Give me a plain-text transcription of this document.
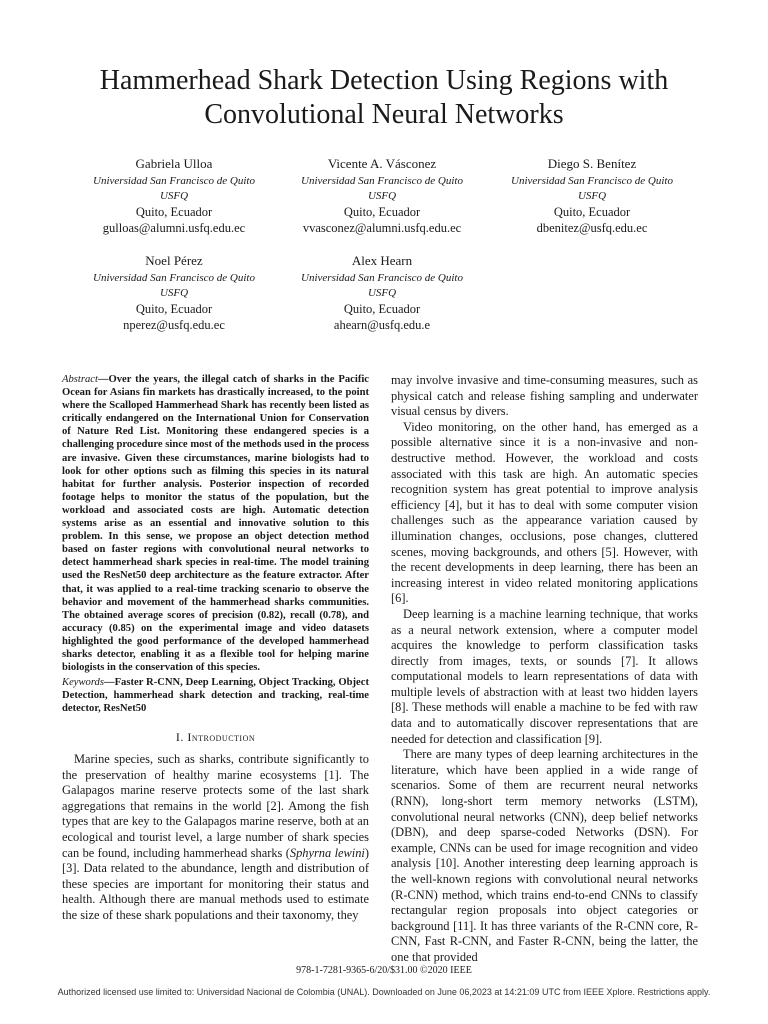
Hammerhead Shark Detection Using Regions with
Convolutional Neural Networks
Gabriela Ulloa
Universidad San Francisco de Quito
USFQ
Quito, Ecuador
gulloas@alumni.usfq.edu.ec
Vicente A. Vásconez
Universidad San Francisco de Quito
USFQ
Quito, Ecuador
vvasconez@alumni.usfq.edu.ec
Diego S. Benítez
Universidad San Francisco de Quito
USFQ
Quito, Ecuador
dbenitez@usfq.edu.ec
Noel Pérez
Universidad San Francisco de Quito
USFQ
Quito, Ecuador
nperez@usfq.edu.ec
Alex Hearn
Universidad San Francisco de Quito
USFQ
Quito, Ecuador
ahearn@usfq.edu.e
Abstract—Over the years, the illegal catch of sharks in the Pacific Ocean for Asians fin markets has drastically increased, to the point where the Scalloped Hammerhead Shark has recently been listed as critically endangered on the International Union for Conservation of Nature Red List. Monitoring these endangered species is a challenging procedure since most of the methods used in the process are invasive. Given these circumstances, marine biologists had to look for other options such as filming this species in its natural habitat for further analysis. Posterior inspection of recorded footage helps to monitor the status of the population, but the workload and associated costs are high. Automatic detection systems arise as an essential and innovative solution to this problem. In this sense, we propose an object detection method based on faster regions with convolutional neural networks to detect hammerhead shark species in real-time. The model training used the ResNet50 deep architecture as the feature extractor. After that, it was applied to a real-time tracking scenario to observe the behavior and movement of the hammerhead sharks communities. The obtained average scores of precision (0.82), recall (0.78), and accuracy (0.85) on the experimental image and video datasets highlighted the good performance of the developed hammerhead sharks detector, enabling it as a flexible tool for helping marine biologists in the conservation of this species.
Keywords—Faster R-CNN, Deep Learning, Object Tracking, Object Detection, hammerhead shark detection and tracking, real-time detector, ResNet50
I. Introduction

Marine species, such as sharks, contribute significantly to the preservation of healthy marine ecosystems [1]. The Galapagos marine reserve protects some of the last shark aggregations that remains in the world [2]. Among the fish types that are key to the Galapagos marine reserve, both at an ecological and tourist level, a large number of shark species can be found, including hammerhead sharks (Sphyrna lewini) [3]. Data related to the abundance, length and distribution of these species are important for monitoring their status and health. Although there are manual methods used to estimate the size of these shark populations and their taxonomy, they

may involve invasive and time-consuming measures, such as physical catch and release fishing sampling and underwater visual census by divers.

Video monitoring, on the other hand, has emerged as a possible alternative since it is a non-invasive and non-destructive method. However, the workload and costs associated with this task are high. An automatic species recognition system has great potential to improve analysis efficiency [4], but it has to deal with some computer vision challenges such as the appearance variation caused by illumination changes, occlusions, pose changes, cluttered scenes, moving backgrounds, and others [5]. However, with the recent developments in deep learning, there has been an increasing interest in video related monitoring applications [6].

Deep learning is a machine learning technique, that works as a neural network extension, where a computer model acquires the knowledge to perform classification tasks directly from images, texts, or sounds [7]. It allows computational models to learn representations of data with multiple levels of abstraction with at least two hidden layers [8]. These methods will enable a machine to be fed with raw data and to automatically discover representations that are needed for detection and classification [9].

There are many types of deep learning architectures in the literature, which have been applied in a wide range of scenarios. Some of them are recurrent neural networks (RNN), long-short term memory networks (LSTM), convolutional neural networks (CNN), deep belief networks (DBN), and deep sparse-coded Networks (DSN). For example, CNNs can be used for image recognition and video analysis [10]. Another interesting deep learning approach is the well-known regions with convolutional neural networks (R-CNN) method, which trains end-to-end CNNs to classify rectangular region proposals into object categories or background [11]. It has three variants of the R-CNN core, R-CNN, Fast R-CNN, and Faster R-CNN, being the latter, the one that provided

978-1-7281-9365-6/20/$31.00 ©2020 IEEE
Authorized licensed use limited to: Universidad Nacional de Colombia (UNAL). Downloaded on June 06,2023 at 14:21:09 UTC from IEEE Xplore. Restrictions apply.
